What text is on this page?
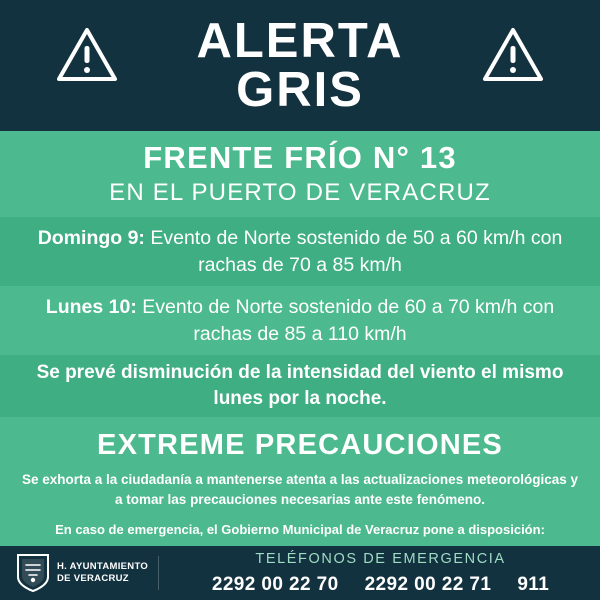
ALERTA
GRIS
FRENTE FRÍO N° 13
EN EL PUERTO DE VERACRUZ
Domingo 9: Evento de Norte sostenido de 50 a 60 km/h con rachas de 70 a 85 km/h
Lunes 10: Evento de Norte sostenido de 60 a 70 km/h con rachas de 85 a 110 km/h
Se prevé disminución de la intensidad del viento el mismo lunes por la noche.
EXTREME PRECAUCIONES
Se exhorta a la ciudadanía a mantenerse atenta a las actualizaciones meteorológicas y a tomar las precauciones necesarias ante este fenómeno.
En caso de emergencia, el Gobierno Municipal de Veracruz pone a disposición:
H. AYUNTAMIENTO
DE VERACRUZ
TELÉFONOS DE EMERGENCIA
2292 00 22 70 2292 00 22 71 911
